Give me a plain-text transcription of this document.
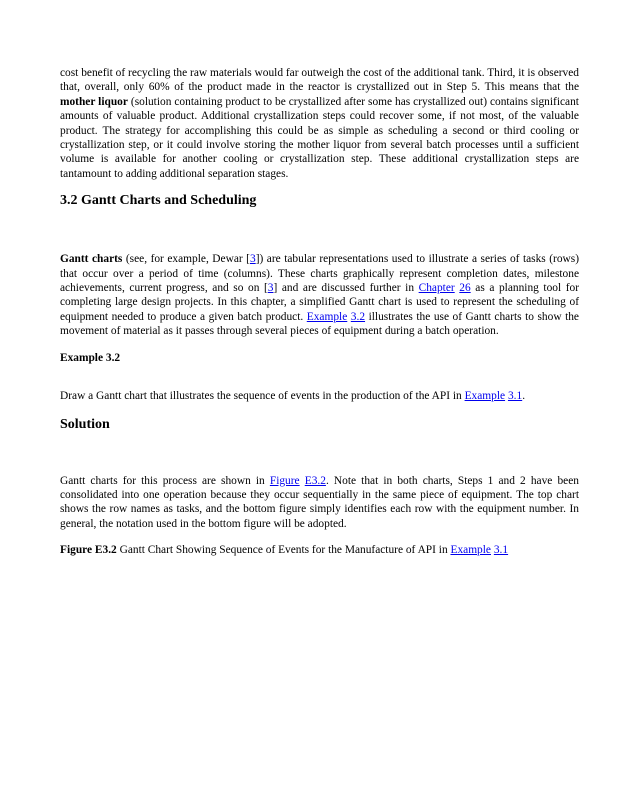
cost benefit of recycling the raw materials would far outweigh the cost of the additional tank. Third, it is observed that, overall, only 60% of the product made in the reactor is crystallized out in Step 5. This means that the mother liquor (solution containing product to be crystallized after some has crystallized out) contains significant amounts of valuable product. Additional crystallization steps could recover some, if not most, of the valuable product. The strategy for accomplishing this could be as simple as scheduling a second or third cooling or crystallization step, or it could involve storing the mother liquor from several batch processes until a sufficient volume is available for another cooling or crystallization step. These additional crystallization steps are tantamount to adding additional separation stages.

3.2 Gantt Charts and Scheduling

Gantt charts (see, for example, Dewar [3]) are tabular representations used to illustrate a series of tasks (rows) that occur over a period of time (columns). These charts graphically represent completion dates, milestone achievements, current progress, and so on [3] and are discussed further in Chapter 26 as a planning tool for completing large design projects. In this chapter, a simplified Gantt chart is used to represent the scheduling of equipment needed to produce a given batch product. Example 3.2 illustrates the use of Gantt charts to show the movement of material as it passes through several pieces of equipment during a batch operation.

Example 3.2

Draw a Gantt chart that illustrates the sequence of events in the production of the API in Example 3.1.

Solution

Gantt charts for this process are shown in Figure E3.2. Note that in both charts, Steps 1 and 2 have been consolidated into one operation because they occur sequentially in the same piece of equipment. The top chart shows the row names as tasks, and the bottom figure simply identifies each row with the equipment number. In general, the notation used in the bottom figure will be adopted.

Figure E3.2 Gantt Chart Showing Sequence of Events for the Manufacture of API in Example 3.1
